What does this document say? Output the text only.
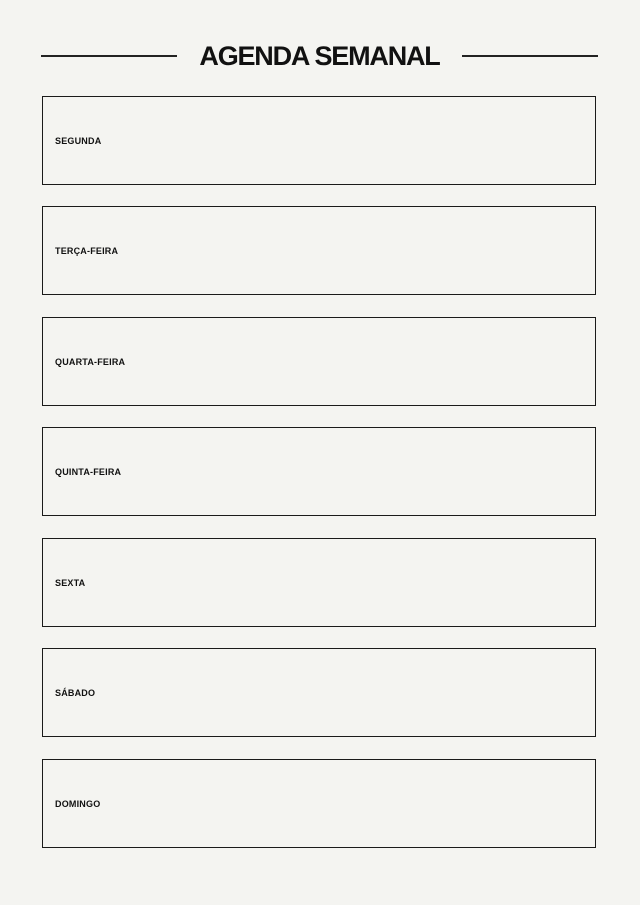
AGENDA SEMANAL
SEGUNDA
TERÇA-FEIRA
QUARTA-FEIRA
QUINTA-FEIRA
SEXTA
SÁBADO
DOMINGO
